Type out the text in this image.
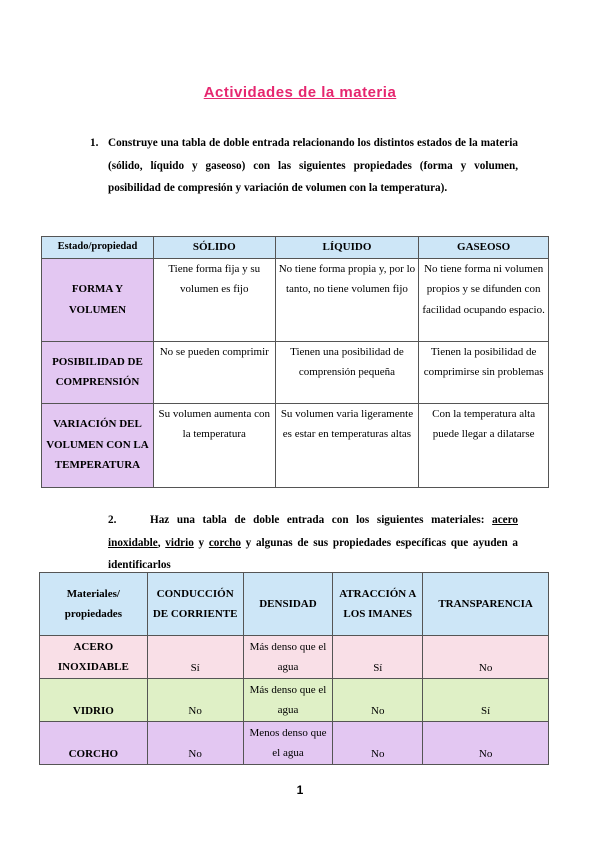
Actividades de la materia
1. Construye una tabla de doble entrada relacionando los distintos estados de la materia (sólido, líquido y gaseoso) con las siguientes propiedades (forma y volumen, posibilidad de compresión y variación de volumen con la temperatura).
Estado/propiedad	SÓLIDO	LÍQUIDO	GASEOSO
FORMA Y VOLUMEN	Tiene forma fija y su volumen es fijo	No tiene forma propia y, por lo tanto, no tiene volumen fijo	No tiene forma ni volumen propios y se difunden con facilidad ocupando espacio.
POSIBILIDAD DE COMPRENSIÓN	No se pueden comprimir	Tienen una posibilidad de comprensión pequeña	Tienen la posibilidad de comprimirse sin problemas
VARIACIÓN DEL VOLUMEN CON LA TEMPERATURA	Su volumen aumenta con la temperatura	Su volumen varia ligeramente es estar en temperaturas altas	Con la temperatura alta puede llegar a dilatarse
2.	Haz una tabla de doble entrada con los siguientes materiales: acero inoxidable, vidrio y corcho y algunas de sus propiedades específicas que ayuden a identificarlos
Materiales/ propiedades	CONDUCCIÓN DE CORRIENTE	DENSIDAD	ATRACCIÓN A LOS IMANES	TRANSPARENCIA
ACERO INOXIDABLE	Sí	Más denso que el agua	Sí	No
VIDRIO	No	Más denso que el agua	No	Sí
CORCHO	No	Menos denso que el agua	No	No
1
